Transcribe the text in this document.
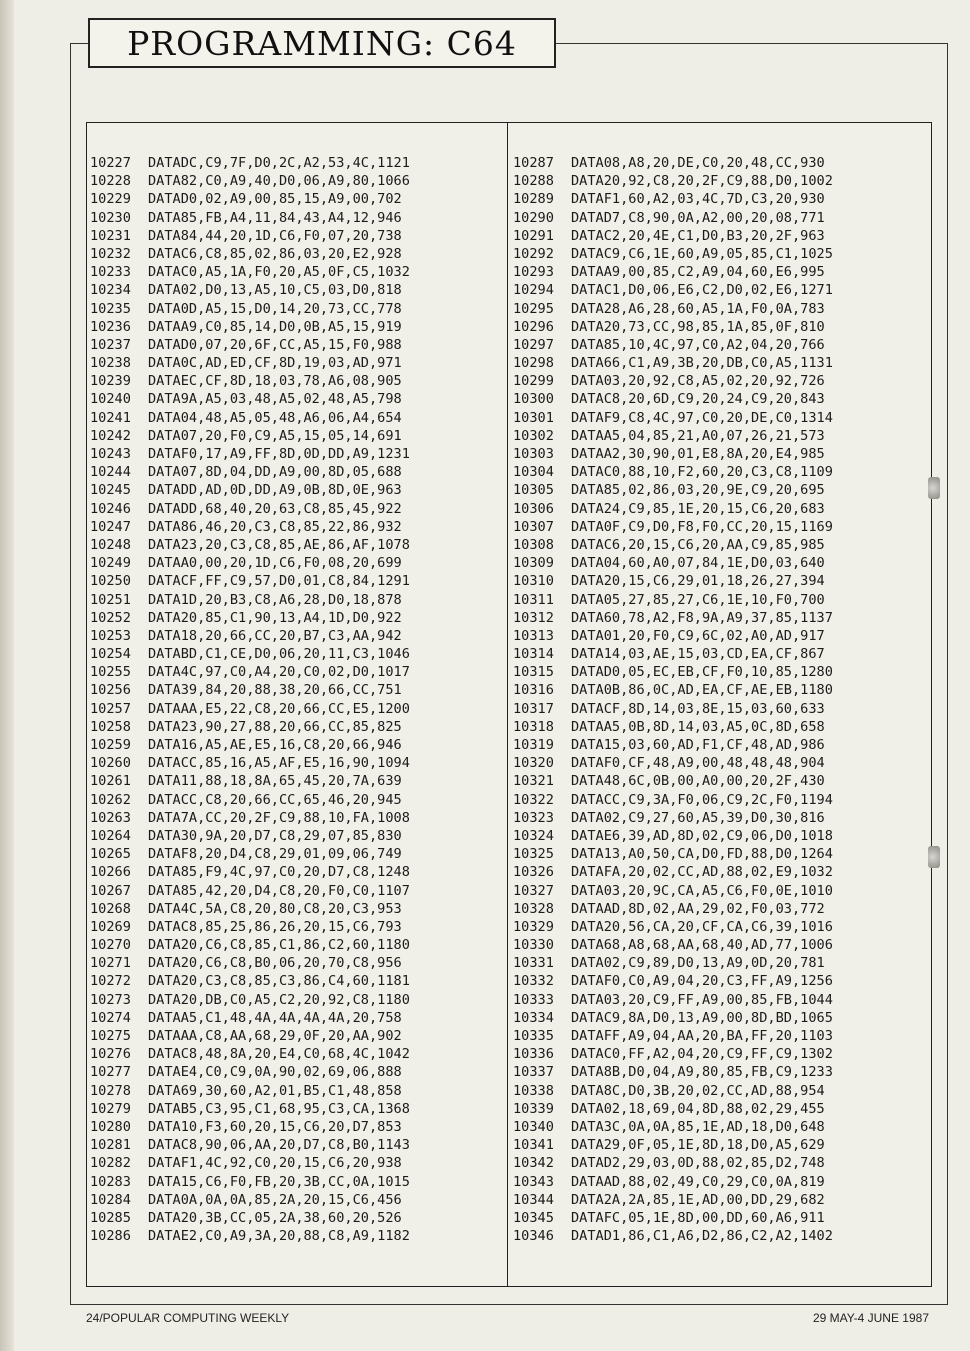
PROGRAMMING: C64
10227 DATADC,C9,7F,D0,2C,A2,53,4C,1121
10228 DATA82,C0,A9,40,D0,06,A9,80,1066
10229 DATAD0,02,A9,00,85,15,A9,00,702
10230 DATA85,FB,A4,11,84,43,A4,12,946
10231 DATA84,44,20,1D,C6,F0,07,20,738
10232 DATAC6,C8,85,02,86,03,20,E2,928
10233 DATAC0,A5,1A,F0,20,A5,0F,C5,1032
10234 DATA02,D0,13,A5,10,C5,03,D0,818
10235 DATA0D,A5,15,D0,14,20,73,CC,778
10236 DATAA9,C0,85,14,D0,0B,A5,15,919
10237 DATAD0,07,20,6F,CC,A5,15,F0,988
10238 DATA0C,AD,ED,CF,8D,19,03,AD,971
10239 DATAEC,CF,8D,18,03,78,A6,08,905
10240 DATA9A,A5,03,48,A5,02,48,A5,798
10241 DATA04,48,A5,05,48,A6,06,A4,654
10242 DATA07,20,F0,C9,A5,15,05,14,691
10243 DATAF0,17,A9,FF,8D,0D,DD,A9,1231
10244 DATA07,8D,04,DD,A9,00,8D,05,688
10245 DATADD,AD,0D,DD,A9,0B,8D,0E,963
10246 DATADD,68,40,20,63,C8,85,45,922
10247 DATA86,46,20,C3,C8,85,22,86,932
10248 DATA23,20,C3,C8,85,AE,86,AF,1078
10249 DATAA0,00,20,1D,C6,F0,08,20,699
10250 DATACF,FF,C9,57,D0,01,C8,84,1291
10251 DATA1D,20,B3,C8,A6,28,D0,18,878
10252 DATA20,85,C1,90,13,A4,1D,D0,922
10253 DATA18,20,66,CC,20,B7,C3,AA,942
10254 DATABD,C1,CE,D0,06,20,11,C3,1046
10255 DATA4C,97,C0,A4,20,C0,02,D0,1017
10256 DATA39,84,20,88,38,20,66,CC,751
10257 DATAAA,E5,22,C8,20,66,CC,E5,1200
10258 DATA23,90,27,88,20,66,CC,85,825
10259 DATA16,A5,AE,E5,16,C8,20,66,946
10260 DATACC,85,16,A5,AF,E5,16,90,1094
10261 DATA11,88,18,8A,65,45,20,7A,639
10262 DATACC,C8,20,66,CC,65,46,20,945
10263 DATA7A,CC,20,2F,C9,88,10,FA,1008
10264 DATA30,9A,20,D7,C8,29,07,85,830
10265 DATAF8,20,D4,C8,29,01,09,06,749
10266 DATA85,F9,4C,97,C0,20,D7,C8,1248
10267 DATA85,42,20,D4,C8,20,F0,C0,1107
10268 DATA4C,5A,C8,20,80,C8,20,C3,953
10269 DATAC8,85,25,86,26,20,15,C6,793
10270 DATA20,C6,C8,85,C1,86,C2,60,1180
10271 DATA20,C6,C8,B0,06,20,70,C8,956
10272 DATA20,C3,C8,85,C3,86,C4,60,1181
10273 DATA20,DB,C0,A5,C2,20,92,C8,1180
10274 DATAA5,C1,48,4A,4A,4A,4A,20,758
10275 DATAAA,C8,AA,68,29,0F,20,AA,902
10276 DATAC8,48,8A,20,E4,C0,68,4C,1042
10277 DATAE4,C0,C9,0A,90,02,69,06,888
10278 DATA69,30,60,A2,01,B5,C1,48,858
10279 DATAB5,C3,95,C1,68,95,C3,CA,1368
10280 DATA10,F3,60,20,15,C6,20,D7,853
10281 DATAC8,90,06,AA,20,D7,C8,B0,1143
10282 DATAF1,4C,92,C0,20,15,C6,20,938
10283 DATA15,C6,F0,FB,20,3B,CC,0A,1015
10284 DATA0A,0A,0A,85,2A,20,15,C6,456
10285 DATA20,3B,CC,05,2A,38,60,20,526
10286 DATAE2,C0,A9,3A,20,88,C8,A9,1182
10287 DATA08,A8,20,DE,C0,20,48,CC,930
10288 DATA20,92,C8,20,2F,C9,88,D0,1002
10289 DATAF1,60,A2,03,4C,7D,C3,20,930
10290 DATAD7,C8,90,0A,A2,00,20,08,771
10291 DATAC2,20,4E,C1,D0,B3,20,2F,963
10292 DATAC9,C6,1E,60,A9,05,85,C1,1025
10293 DATAA9,00,85,C2,A9,04,60,E6,995
10294 DATAC1,D0,06,E6,C2,D0,02,E6,1271
10295 DATA28,A6,28,60,A5,1A,F0,0A,783
10296 DATA20,73,CC,98,85,1A,85,0F,810
10297 DATA85,10,4C,97,C0,A2,04,20,766
10298 DATA66,C1,A9,3B,20,DB,C0,A5,1131
10299 DATA03,20,92,C8,A5,02,20,92,726
10300 DATAC8,20,6D,C9,20,24,C9,20,843
10301 DATAF9,C8,4C,97,C0,20,DE,C0,1314
10302 DATAA5,04,85,21,A0,07,26,21,573
10303 DATAA2,30,90,01,E8,8A,20,E4,985
10304 DATAC0,88,10,F2,60,20,C3,C8,1109
10305 DATA85,02,86,03,20,9E,C9,20,695
10306 DATA24,C9,85,1E,20,15,C6,20,683
10307 DATA0F,C9,D0,F8,F0,CC,20,15,1169
10308 DATAC6,20,15,C6,20,AA,C9,85,985
10309 DATA04,60,A0,07,84,1E,D0,03,640
10310 DATA20,15,C6,29,01,18,26,27,394
10311 DATA05,27,85,27,C6,1E,10,F0,700
10312 DATA60,78,A2,F8,9A,A9,37,85,1137
10313 DATA01,20,F0,C9,6C,02,A0,AD,917
10314 DATA14,03,AE,15,03,CD,EA,CF,867
10315 DATAD0,05,EC,EB,CF,F0,10,85,1280
10316 DATA0B,86,0C,AD,EA,CF,AE,EB,1180
10317 DATACF,8D,14,03,8E,15,03,60,633
10318 DATAA5,0B,8D,14,03,A5,0C,8D,658
10319 DATA15,03,60,AD,F1,CF,48,AD,986
10320 DATAF0,CF,48,A9,00,48,48,48,904
10321 DATA48,6C,0B,00,A0,00,20,2F,430
10322 DATACC,C9,3A,F0,06,C9,2C,F0,1194
10323 DATA02,C9,27,60,A5,39,D0,30,816
10324 DATAE6,39,AD,8D,02,C9,06,D0,1018
10325 DATA13,A0,50,CA,D0,FD,88,D0,1264
10326 DATAFA,20,02,CC,AD,88,02,E9,1032
10327 DATA03,20,9C,CA,A5,C6,F0,0E,1010
10328 DATAAD,8D,02,AA,29,02,F0,03,772
10329 DATA20,56,CA,20,CF,CA,C6,39,1016
10330 DATA68,A8,68,AA,68,40,AD,77,1006
10331 DATA02,C9,89,D0,13,A9,0D,20,781
10332 DATAF0,C0,A9,04,20,C3,FF,A9,1256
10333 DATA03,20,C9,FF,A9,00,85,FB,1044
10334 DATAC9,8A,D0,13,A9,00,8D,BD,1065
10335 DATAFF,A9,04,AA,20,BA,FF,20,1103
10336 DATAC0,FF,A2,04,20,C9,FF,C9,1302
10337 DATA8B,D0,04,A9,80,85,FB,C9,1233
10338 DATA8C,D0,3B,20,02,CC,AD,88,954
10339 DATA02,18,69,04,8D,88,02,29,455
10340 DATA3C,0A,0A,85,1E,AD,18,D0,648
10341 DATA29,0F,05,1E,8D,18,D0,A5,629
10342 DATAD2,29,03,0D,88,02,85,D2,748
10343 DATAAD,88,02,49,C0,29,C0,0A,819
10344 DATA2A,2A,85,1E,AD,00,DD,29,682
10345 DATAFC,05,1E,8D,00,DD,60,A6,911
10346 DATAD1,86,C1,A6,D2,86,C2,A2,1402
24/POPULAR COMPUTING WEEKLY	29 MAY-4 JUNE 1987
